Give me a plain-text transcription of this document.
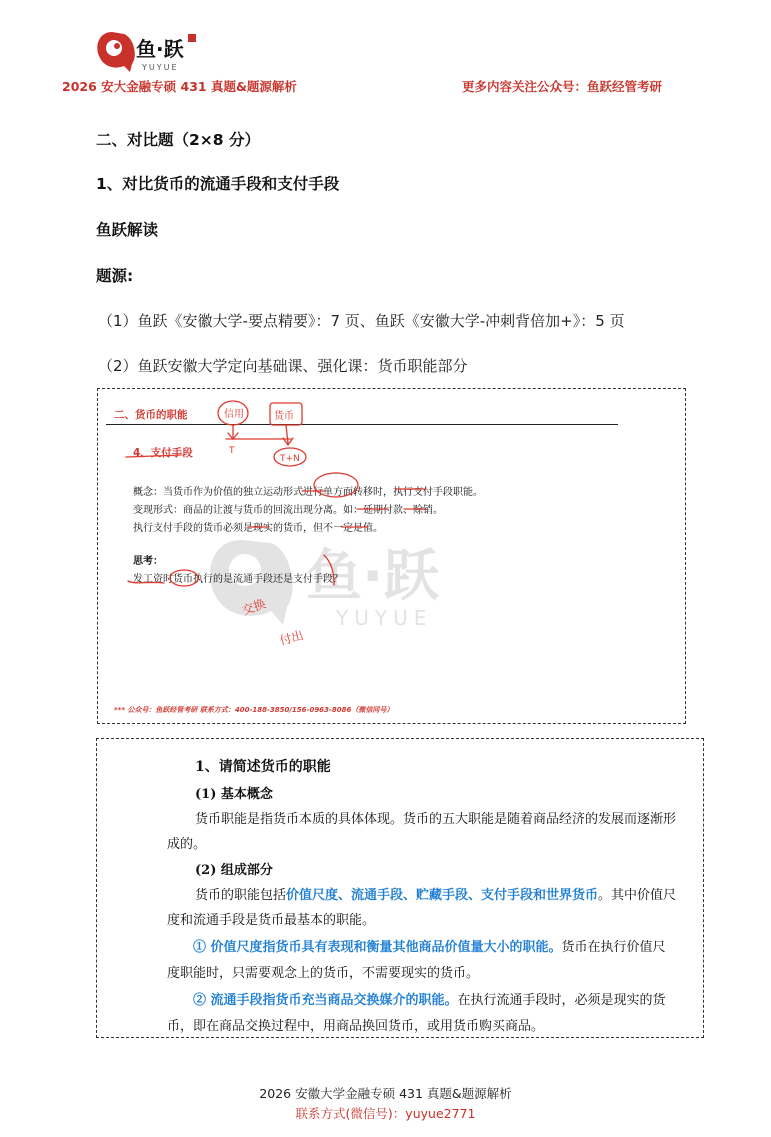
鱼·跃
YUYUE
2026 安大金融专硕 431 真题&题源解析	更多内容关注公众号：鱼跃经管考研
二、对比题（2×8 分）
1、对比货币的流通手段和支付手段
鱼跃解读
题源:
（1）鱼跃《安徽大学-要点精要》：7 页、鱼跃《安徽大学-冲刺背倍加+》：5 页
（2）鱼跃安徽大学定向基础课、强化课：货币职能部分
鱼·跃
YUYUE
二、货币的职能
4、支付手段
概念：当货币作为价值的独立运动形式进行单方面转移时，执行支付手段职能。
变现形式：商品的让渡与货币的回流出现分离。如：延期付款、赊销。
执行支付手段的货币必须是现实的货币，但不一定足值。
思考：
发工资时货币执行的是流通手段还是支付手段？
*** 公众号：鱼跃经管考研 联系方式：400-188-3850/156-0963-8086（微信同号）
信用	货币
T
T+N
交换
付出
1、请简述货币的职能
(1) 基本概念
货币职能是指货币本质的具体体现。货币的五大职能是随着商品经济的发展而逐渐形
成的。
(2) 组成部分
货币的职能包括价值尺度、流通手段、贮藏手段、支付手段和世界货币。其中价值尺
度和流通手段是货币最基本的职能。
① 价值尺度指货币具有表现和衡量其他商品价值量大小的职能。货币在执行价值尺
度职能时，只需要观念上的货币，不需要现实的货币。
② 流通手段指货币充当商品交换媒介的职能。在执行流通手段时，必须是现实的货
币，即在商品交换过程中，用商品换回货币，或用货币购买商品。
2026 安徽大学金融专硕 431 真题&题源解析
联系方式(微信号)：yuyue2771
